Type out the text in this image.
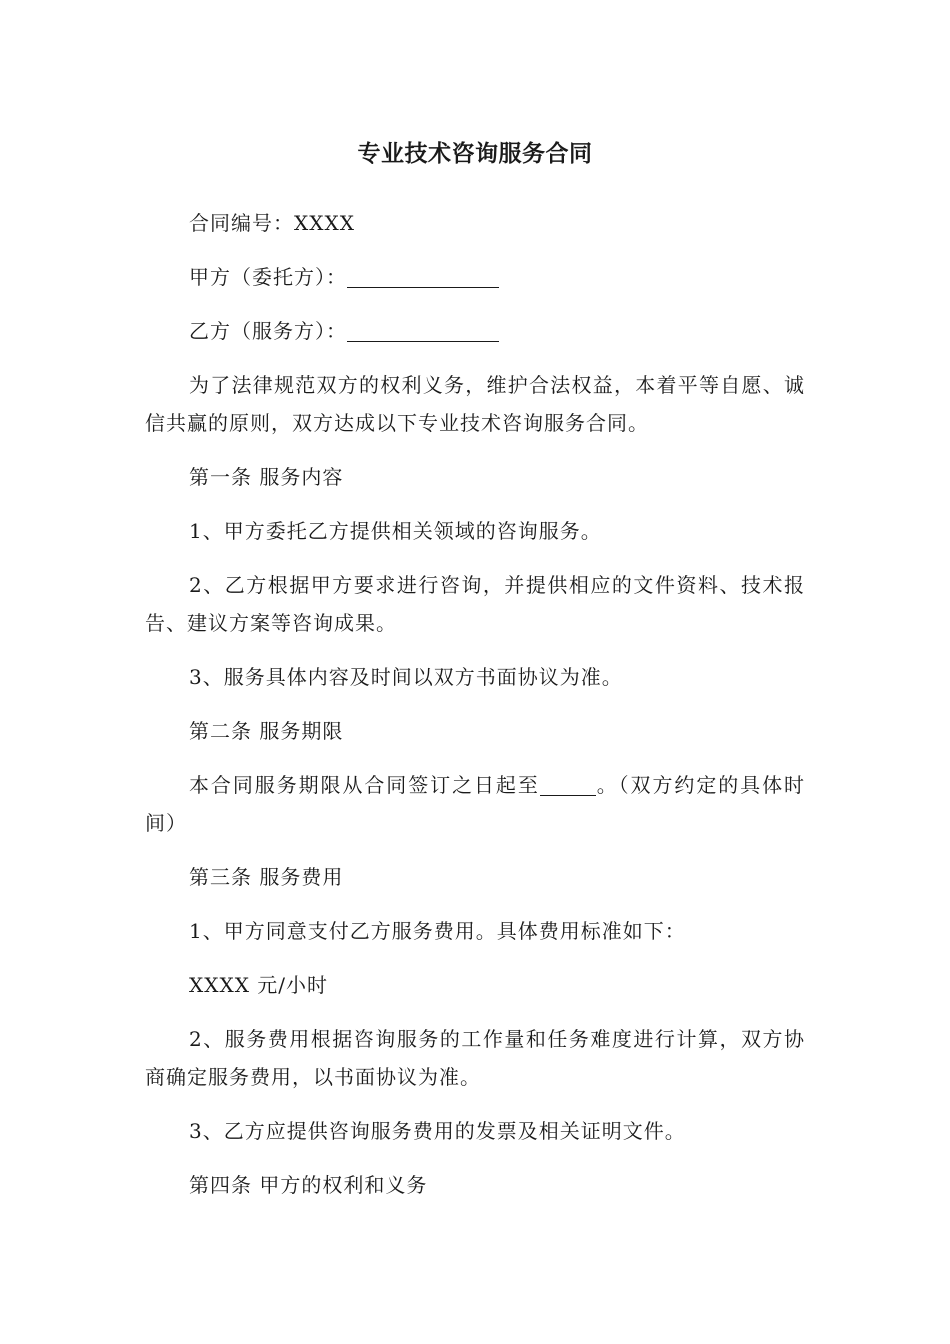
专业技术咨询服务合同

合同编号：XXXX

甲方（委托方）：

乙方（服务方）：

为了法律规范双方的权利义务，维护合法权益，本着平等自愿、诚信共赢的原则，双方达成以下专业技术咨询服务合同。

第一条 服务内容

1、甲方委托乙方提供相关领域的咨询服务。

2、乙方根据甲方要求进行咨询，并提供相应的文件资料、技术报告、建议方案等咨询成果。

3、服务具体内容及时间以双方书面协议为准。

第二条 服务期限

本合同服务期限从合同签订之日起至	。（双方约定的具体时间）

第三条 服务费用

1、甲方同意支付乙方服务费用。具体费用标准如下：

XXXX 元/小时

2、服务费用根据咨询服务的工作量和任务难度进行计算，双方协商确定服务费用，以书面协议为准。

3、乙方应提供咨询服务费用的发票及相关证明文件。

第四条 甲方的权利和义务
